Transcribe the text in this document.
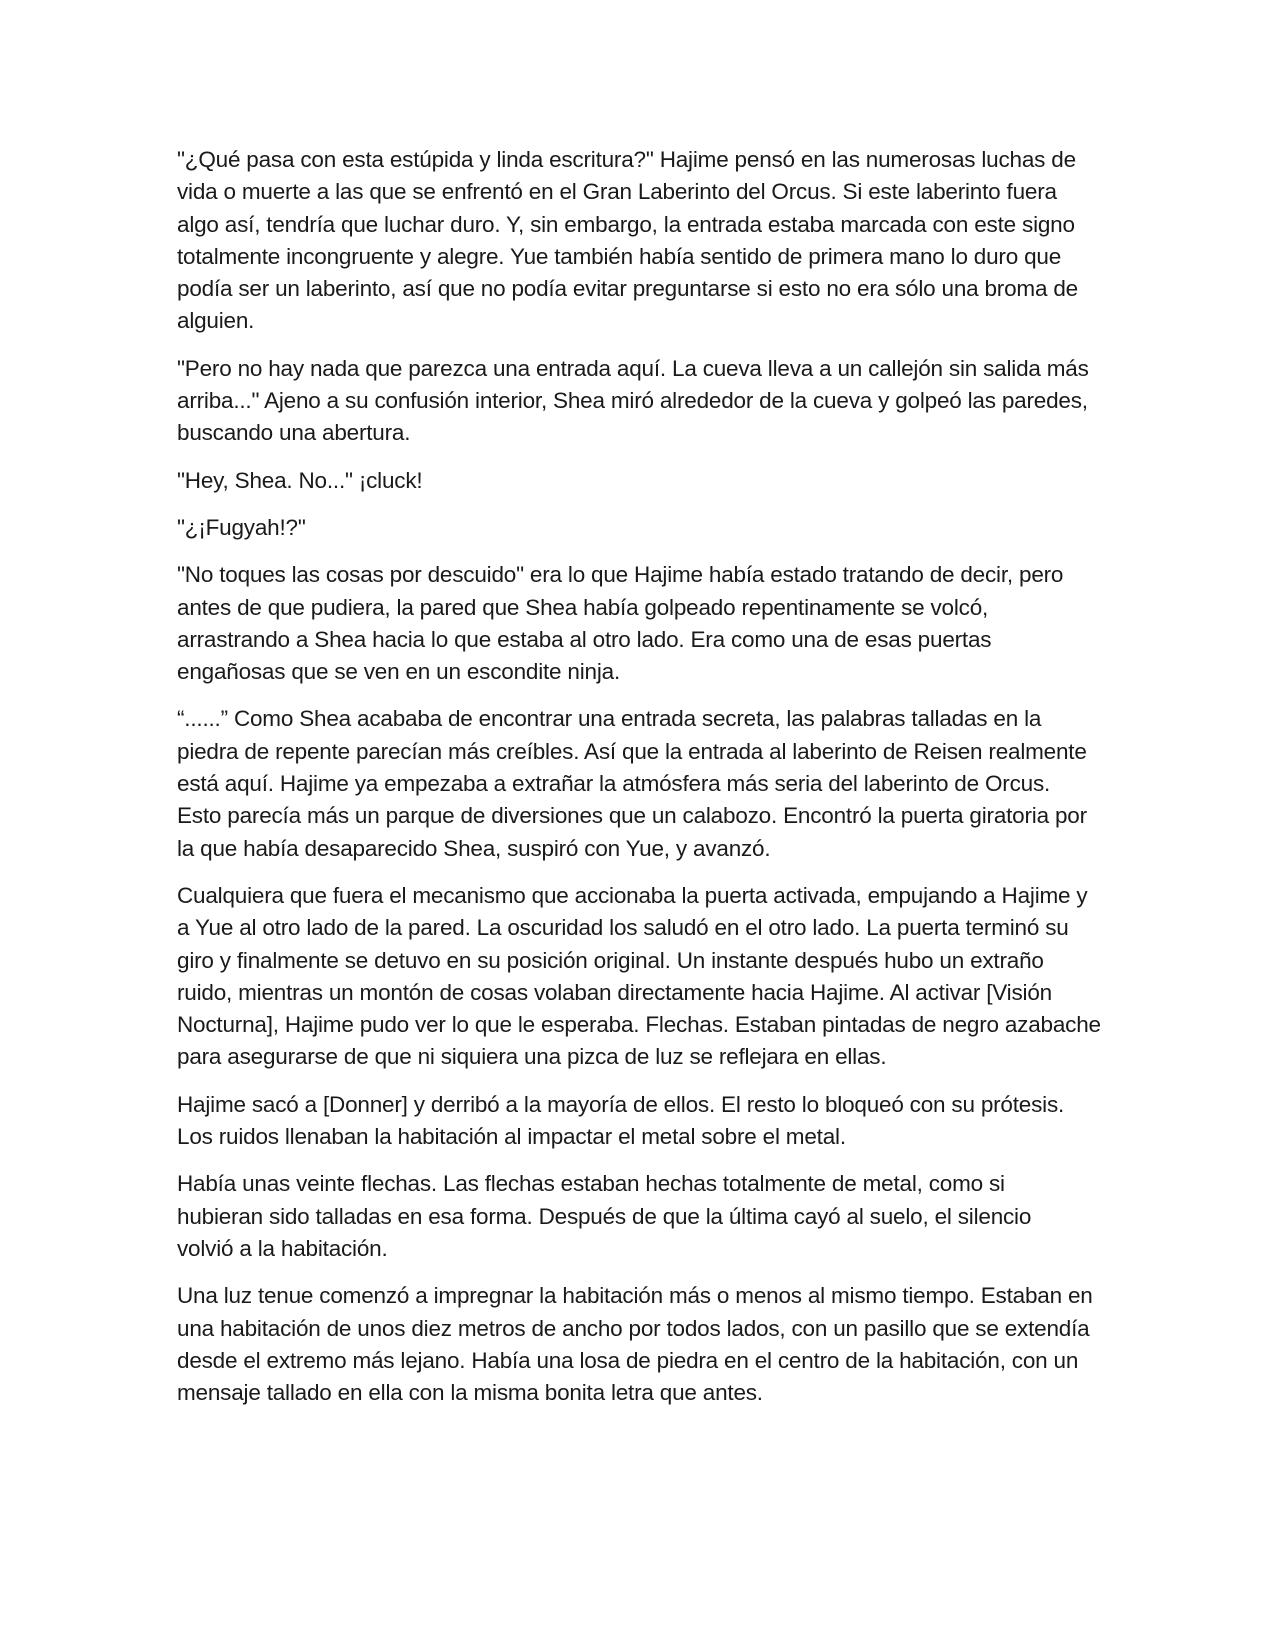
"¿Qué pasa con esta estúpida y linda escritura?" Hajime pensó en las numerosas luchas de
vida o muerte a las que se enfrentó en el Gran Laberinto del Orcus. Si este laberinto fuera
algo así, tendría que luchar duro. Y, sin embargo, la entrada estaba marcada con este signo
totalmente incongruente y alegre. Yue también había sentido de primera mano lo duro que
podía ser un laberinto, así que no podía evitar preguntarse si esto no era sólo una broma de
alguien.

"Pero no hay nada que parezca una entrada aquí. La cueva lleva a un callejón sin salida más
arriba..." Ajeno a su confusión interior, Shea miró alrededor de la cueva y golpeó las paredes,
buscando una abertura.

"Hey, Shea. No..." ¡cluck!

"¿¡Fugyah!?"

"No toques las cosas por descuido" era lo que Hajime había estado tratando de decir, pero
antes de que pudiera, la pared que Shea había golpeado repentinamente se volcó,
arrastrando a Shea hacia lo que estaba al otro lado. Era como una de esas puertas
engañosas que se ven en un escondite ninja.

“......” Como Shea acababa de encontrar una entrada secreta, las palabras talladas en la
piedra de repente parecían más creíbles. Así que la entrada al laberinto de Reisen realmente
está aquí. Hajime ya empezaba a extrañar la atmósfera más seria del laberinto de Orcus.
Esto parecía más un parque de diversiones que un calabozo. Encontró la puerta giratoria por
la que había desaparecido Shea, suspiró con Yue, y avanzó.

Cualquiera que fuera el mecanismo que accionaba la puerta activada, empujando a Hajime y
a Yue al otro lado de la pared. La oscuridad los saludó en el otro lado. La puerta terminó su
giro y finalmente se detuvo en su posición original. Un instante después hubo un extraño
ruido, mientras un montón de cosas volaban directamente hacia Hajime. Al activar [Visión
Nocturna], Hajime pudo ver lo que le esperaba. Flechas. Estaban pintadas de negro azabache
para asegurarse de que ni siquiera una pizca de luz se reflejara en ellas.

Hajime sacó a [Donner] y derribó a la mayoría de ellos. El resto lo bloqueó con su prótesis.
Los ruidos llenaban la habitación al impactar el metal sobre el metal.

Había unas veinte flechas. Las flechas estaban hechas totalmente de metal, como si
hubieran sido talladas en esa forma. Después de que la última cayó al suelo, el silencio
volvió a la habitación.

Una luz tenue comenzó a impregnar la habitación más o menos al mismo tiempo. Estaban en
una habitación de unos diez metros de ancho por todos lados, con un pasillo que se extendía
desde el extremo más lejano. Había una losa de piedra en el centro de la habitación, con un
mensaje tallado en ella con la misma bonita letra que antes.
